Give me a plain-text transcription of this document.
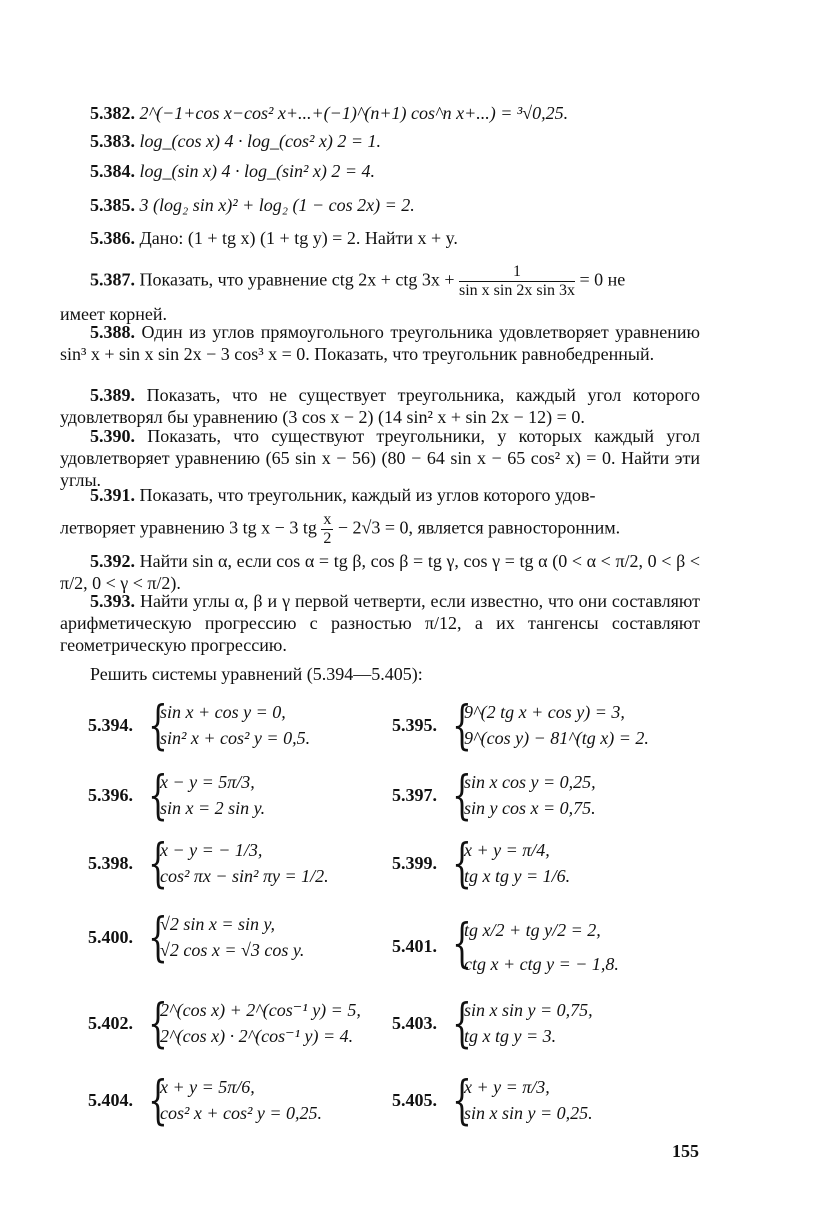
5.382. 2^(−1+cos x−cos² x+...+(−1)^(n+1) cos^n x+...) = ³√0,25.
5.383. log_(cos x) 4 · log_(cos² x) 2 = 1.
5.384. log_(sin x) 4 · log_(sin² x) 2 = 4.
5.385. 3 (log₂ sin x)² + log₂ (1 − cos 2x) = 2.
5.386. Дано: (1 + tg x) (1 + tg y) = 2. Найти x + y.
5.387. Показать, что уравнение ctg 2x + ctg $3x + \frac{1}{\text{sin x sin 2x sin 3x}} = 0$ не
имеет корней.
5.388. Один из углов прямоугольного треугольника удовлетворяет уравнению sin³ x + sin x sin 2x − 3 cos³ x = 0. Показать, что треугольник равнобедренный.
5.389. Показать, что не существует треугольника, каждый угол которого удовлетворял бы уравнению (3 cos x − 2) (14 sin² x + sin 2x − 12) = 0.
5.390. Показать, что существуют треугольники, у которых каждый угол удовлетворяет уравнению (65 sin x − 56) (80 − 64 sin x − 65 cos² x) = 0. Найти эти углы.
5.391. Показать, что треугольник, каждый из углов которого удов-
летворяет уравнению 3 tg x − 3 tg $\frac{x}{2} - 2√3 = 0$, является равносторонним.
5.392. Найти sin α, если cos α = tg β, cos β = tg γ, cos γ = tg α (0 < α < π/2, 0 < β < π/2, 0 < γ < π/2).
5.393. Найти углы α, β и γ первой четверти, если известно, что они составляют арифметическую прогрессию с разностью π/12, а их тангенсы составляют геометрическую прогрессию.
Решить системы уравнений (5.394—5.405):
5.394. {
sin x + cos y = 0,
sin² x + cos² y = 0,5.
5.395. {
9^(2 tg x + cos y) = 3,
9^(cos y) − 81^(tg x) = 2.
5.396. {
x − y = 5π/3,
sin x = 2 sin y.
5.397. {
sin x cos y = 0,25,
sin y cos x = 0,75.
5.398. {
x − y = − 1/3,
cos² πx − sin² πy = 1/2.
5.399. {
x + y = π/4,
tg x tg y = 1/6.
5.400. {
√2 sin x = sin y,
√2 cos x = √3 cos y.	5.401. {
tg x/2 + tg y/2 = 2,
ctg x + ctg y = − 1,8.
5.402. {
2^(cos x) + 2^(cos⁻¹ y) = 5,
2^(cos x) · 2^(cos⁻¹ y) = 4.
5.403. {
sin x sin y = 0,75,
tg x tg y = 3.
5.404. {
x + y = 5π/6,
cos² x + cos² y = 0,25.
5.405. {
x + y = π/3,
sin x sin y = 0,25.
155
